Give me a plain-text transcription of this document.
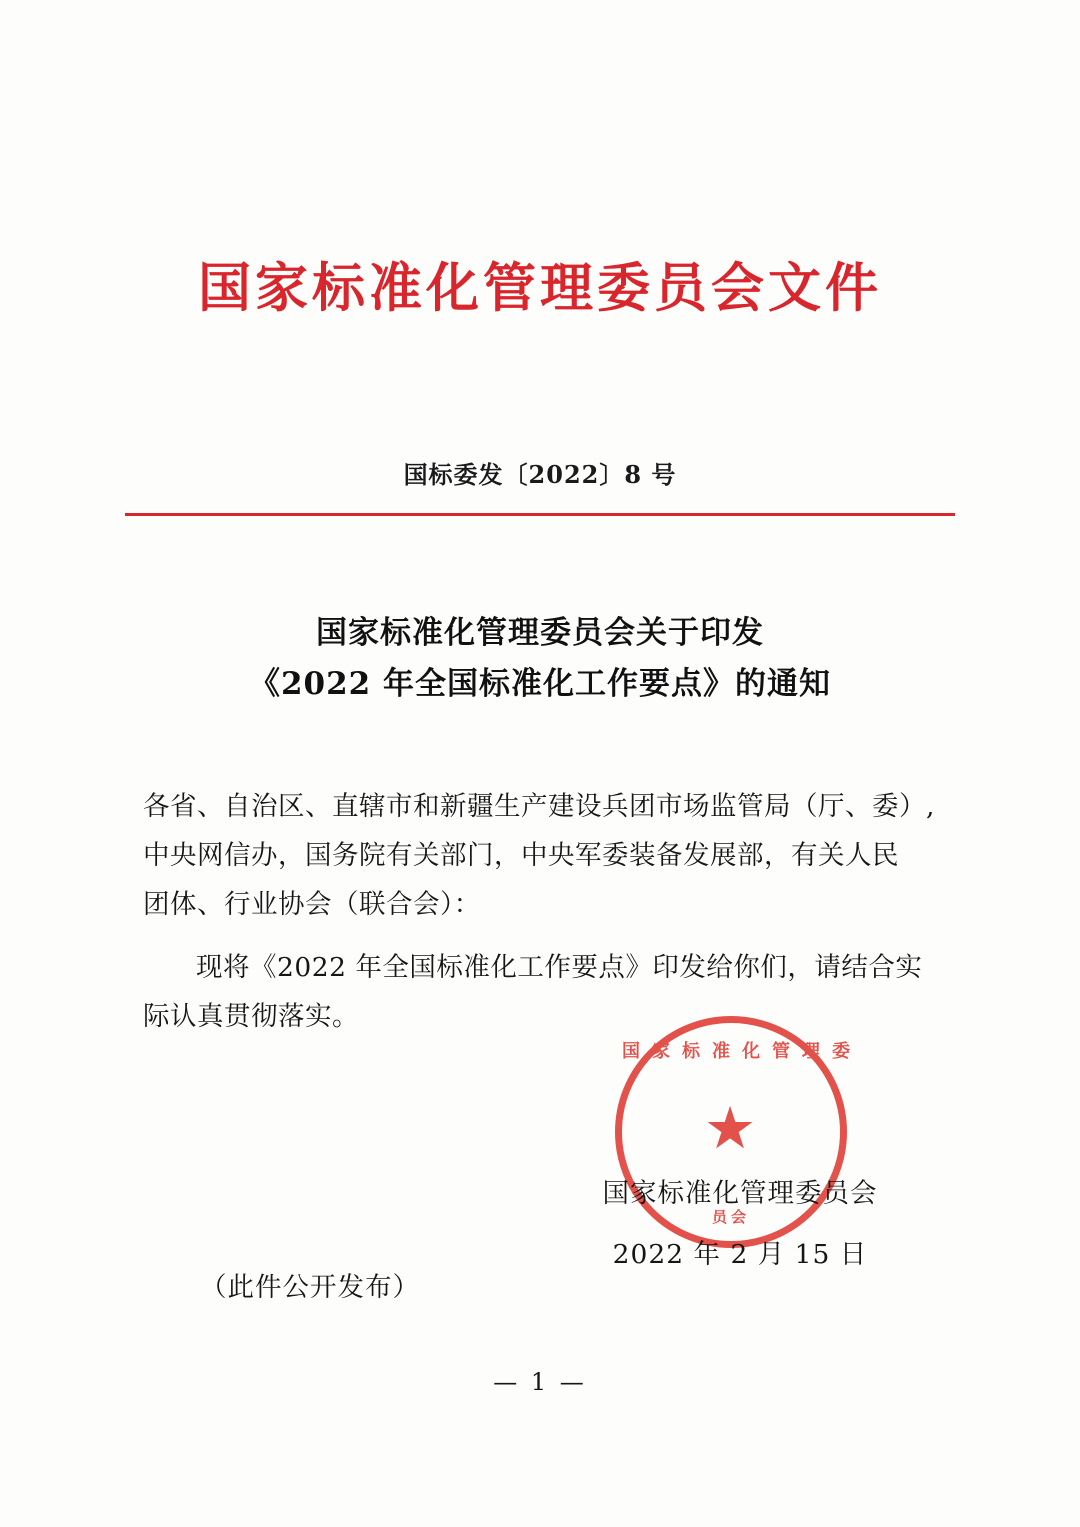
国家标准化管理委员会文件
国标委发〔2022〕8 号
国家标准化管理委员会关于印发
《2022 年全国标准化工作要点》的通知

各省、自治区、直辖市和新疆生产建设兵团市场监管局（厅、委）,

中央网信办，国务院有关部门，中央军委装备发展部，有关人民

团体、行业协会（联合会）：

现将《2022 年全国标准化工作要点》印发给你们，请结合实际认真贯彻落实。

国家标准化管理委
★
员会
国家标准化管理委员会
2022 年 2 月 15 日
（此件公开发布）
— 1 —
